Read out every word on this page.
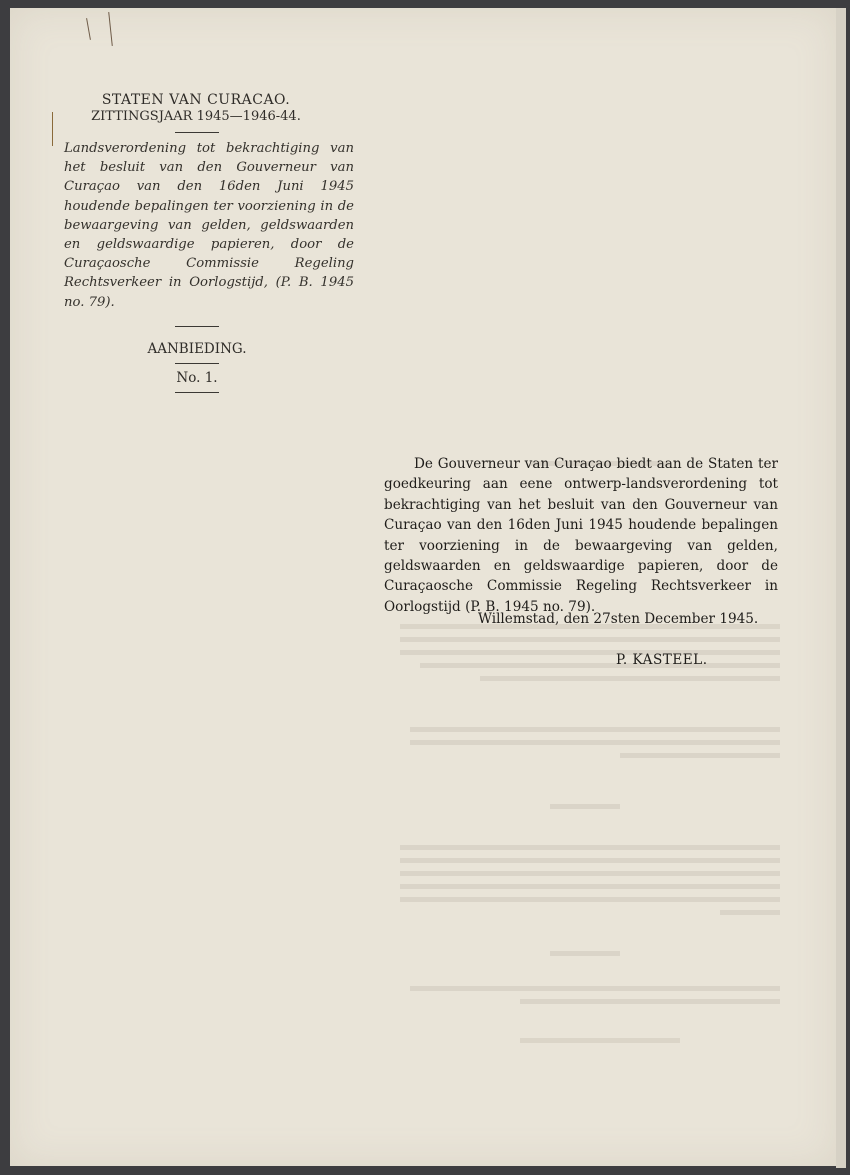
STATEN VAN CURACAO.
ZITTINGSJAAR 1945—1946-44.
Landsverordening tot bekrachtiging van het besluit van den Gouverneur van Curaçao van den 16den Juni 1945 houdende bepalingen ter voorziening in de bewaargeving van gelden, geldswaarden en geldswaardige papieren, door de Curaçaosche Commissie Regeling Rechtsverkeer in Oorlogstijd, (P. B. 1945 no. 79).
AANBIEDING.
No. 1.
De Gouverneur van Curaçao biedt aan de Staten ter goedkeuring aan eene ontwerp-landsverordening tot bekrachtiging van het besluit van den Gouverneur van Curaçao van den 16den Juni 1945 houdende bepalingen ter voorziening in de bewaargeving van gelden, geldswaarden en geldswaardige papieren, door de Curaçaosche Commissie Regeling Rechtsverkeer in Oorlogstijd (P. B. 1945 no. 79).
Willemstad, den 27sten December 1945.
P. KASTEEL.
